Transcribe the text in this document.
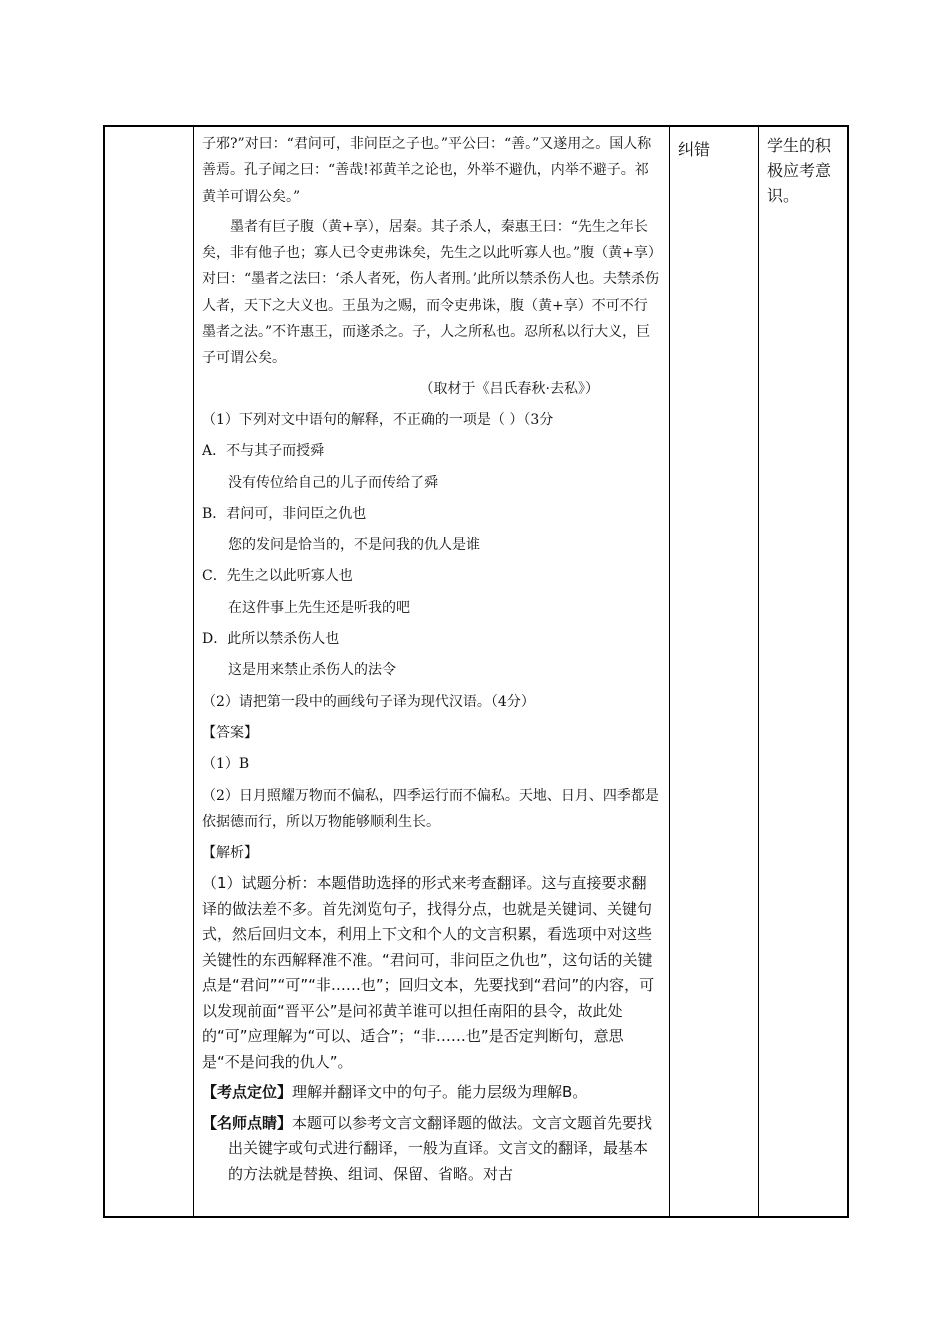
子邪?”对曰：“君问可，非问臣之子也。”平公曰：“善。”又遂用之。国人称善焉。孔子闻之曰：“善哉!祁黄羊之论也，外举不避仇，内举不避子。祁黄羊可谓公矣。”

墨者有巨子腹（黄+享），居秦。其子杀人，秦惠王曰：“先生之年长矣，非有他子也；寡人已令吏弗诛矣，先生之以此听寡人也。”腹（黄+享）对曰：“墨者之法曰：‘杀人者死，伤人者刑。’此所以禁杀伤人也。夫禁杀伤人者，天下之大义也。王虽为之赐，而令吏弗诛，腹（黄+享）不可不行墨者之法。”不许惠王，而遂杀之。子，人之所私也。忍所私以行大义，巨子可谓公矣。

（取材于《吕氏春秋·去私》）

（1）下列对文中语句的解释，不正确的一项是（ ）（3分

A．不与其子而授舜

没有传位给自己的儿子而传给了舜

B．君问可，非问臣之仇也

您的发问是恰当的，不是问我的仇人是谁

C．先生之以此听寡人也

在这件事上先生还是听我的吧

D．此所以禁杀伤人也

这是用来禁止杀伤人的法令

（2）请把第一段中的画线句子译为现代汉语。（4分）

【答案】

（1）B

（2）日月照耀万物而不偏私，四季运行而不偏私。天地、日月、四季都是依据德而行，所以万物能够顺利生长。

【解析】

（1）试题分析：本题借助选择的形式来考查翻译。这与直接要求翻译的做法差不多。首先浏览句子，找得分点，也就是关键词、关键句式，然后回归文本，利用上下文和个人的文言积累，看选项中对这些关键性的东西解释准不准。“君问可，非问臣之仇也”，这句话的关键点是“君问”“可”“非……也”；回归文本，先要找到“君问”的内容，可以发现前面“晋平公”是问祁黄羊谁可以担任南阳的县令，故此处的“可”应理解为“可以、适合”；“非……也”是否定判断句，意思是“不是问我的仇人”。

【考点定位】理解并翻译文中的句子。能力层级为理解B。

【名师点睛】本题可以参考文言文翻译题的做法。文言文题首先要找出关键字或句式进行翻译，一般为直译。文言文的翻译，最基本的方法就是替换、组词、保留、省略。对古

纠错	学生的积极应考意识。
